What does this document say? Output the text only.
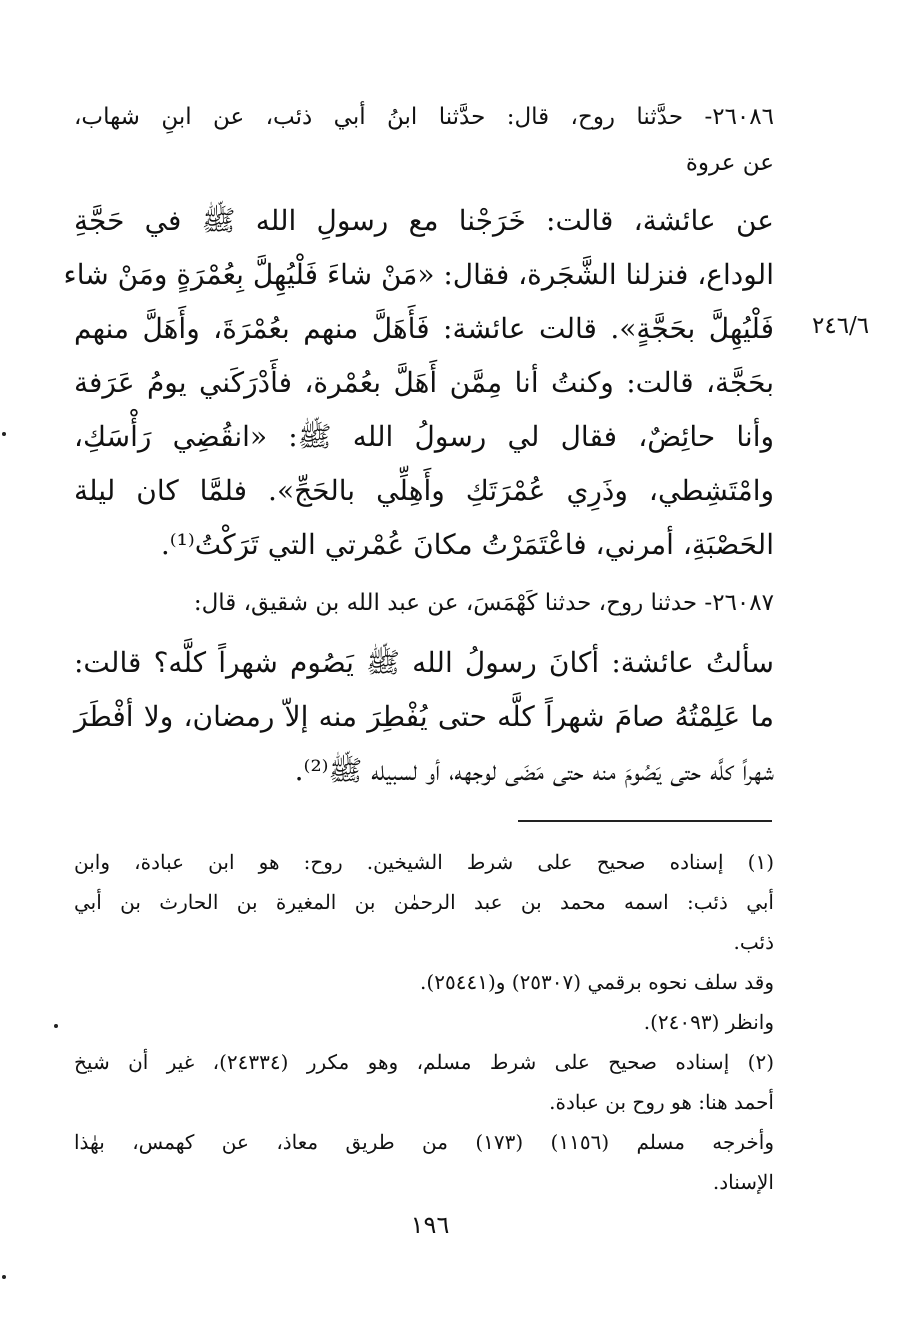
٢٤٦/٦
٢٦٠٨٦- حدَّثنا روح، قال: حدَّثنا ابنُ أبي ذئب، عن ابنِ شهاب،
عن عروة
عن عائشة، قالت: خَرَجْنا مع رسولِ الله ﷺ في حَجَّةِ
الوداع، فنزلنا الشَّجَرة، فقال: «مَنْ شاءَ فَلْيُهِلَّ بِعُمْرَةٍ ومَنْ شاء
فَلْيُهِلَّ بحَجَّةٍ». قالت عائشة: فَأَهَلَّ منهم بعُمْرَةَ، وأَهَلَّ منهم
بحَجَّة، قالت: وكنتُ أنا مِمَّن أَهَلَّ بعُمْرة، فأَدْرَكَني يومُ عَرَفة
وأنا حائِضٌ، فقال لي رسولُ الله ﷺ: «انقُضِي رَأْسَكِ،
وامْتَشِطي، وذَرِي عُمْرَتَكِ وأَهِلِّي بالحَجِّ». فلمَّا كان ليلة
الحَصْبَةِ، أمرني، فاعْتَمَرْتُ مكانَ عُمْرتي التي تَرَكْتُ⁽¹⁾.
٢٦٠٨٧- حدثنا روح، حدثنا كَهْمَسَ، عن عبد الله بن شقيق، قال:
سألتُ عائشة: أكانَ رسولُ الله ﷺ يَصُوم شهراً كلَّه؟ قالت:
ما عَلِمْتُهُ صامَ شهراً كلَّه حتى يُفْطِرَ منه إلاّ رمضان، ولا أفْطَرَ
شهراً كلَّه حتى يَصُومَ منه حتى مَضَى لوجهه، أو لسبيله ﷺ⁽²⁾.
(١) إسناده صحيح على شرط الشيخين. روح: هو ابن عبادة، وابن
أبي ذئب: اسمه محمد بن عبد الرحمٰن بن المغيرة بن الحارث بن أبي
ذئب.
وقد سلف نحوه برقمي (٢٥٣٠٧) و(٢٥٤٤١).
وانظر (٢٤٠٩٣).
(٢) إسناده صحيح على شرط مسلم، وهو مكرر (٢٤٣٣٤)، غير أن شيخ
أحمد هنا: هو روح بن عبادة.
وأخرجه مسلم (١١٥٦) (١٧٣) من طريق معاذ، عن كهمس، بهٰذا
الإسناد.
١٩٦
